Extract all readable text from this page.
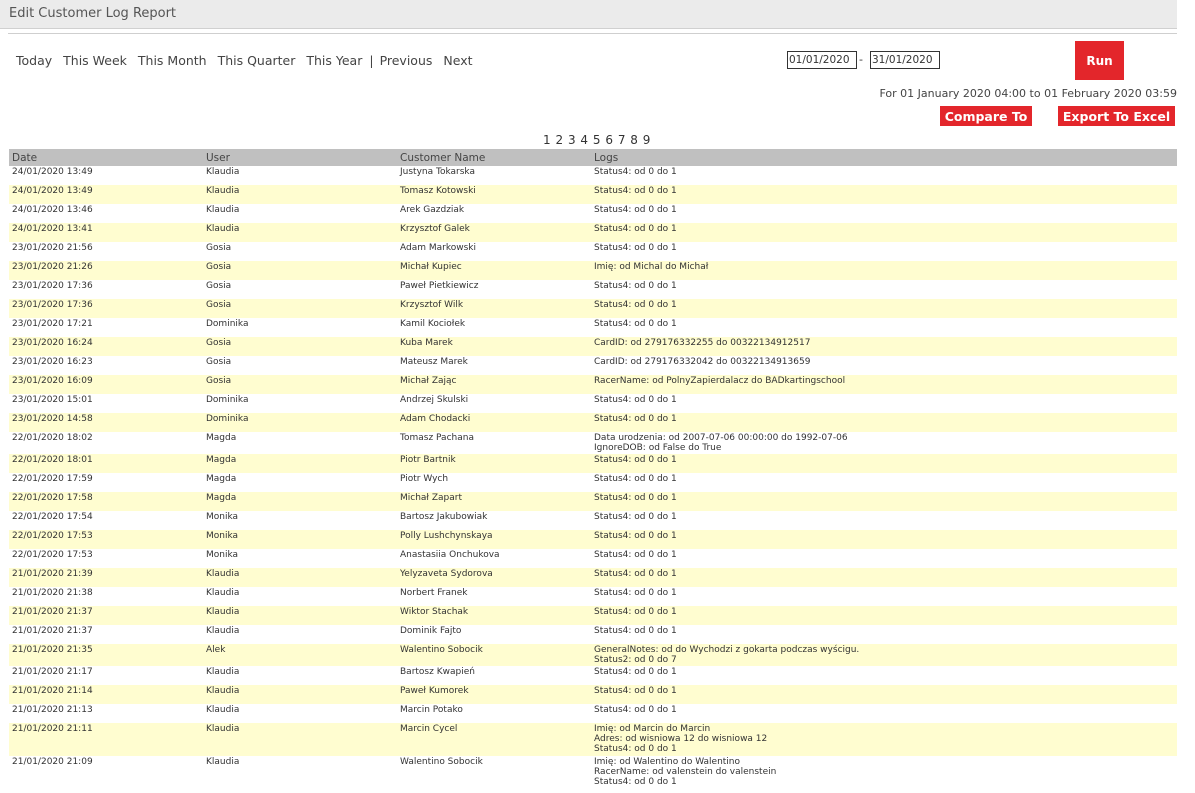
Edit Customer Log Report
Today This Week This Month This Quarter This Year | Previous Next
01/01/2020	-
31/01/2020	Run
For 01 January 2020 04:00 to 01 February 2020 03:59
Compare To	Export To Excel
1 2 3 4 5 6 7 8 9
Date	User	Customer Name	Logs
24/01/2020 13:49	Klaudia	Justyna Tokarska	Status4: od 0 do 1
24/01/2020 13:49	Klaudia	Tomasz Kotowski	Status4: od 0 do 1
24/01/2020 13:46	Klaudia	Arek Gazdziak	Status4: od 0 do 1
24/01/2020 13:41	Klaudia	Krzysztof Galek	Status4: od 0 do 1
23/01/2020 21:56	Gosia	Adam Markowski	Status4: od 0 do 1
23/01/2020 21:26	Gosia	Michał Kupiec	Imię: od Michal do Michał
23/01/2020 17:36	Gosia	Paweł Pietkiewicz	Status4: od 0 do 1
23/01/2020 17:36	Gosia	Krzysztof Wilk	Status4: od 0 do 1
23/01/2020 17:21	Dominika	Kamil Kociołek	Status4: od 0 do 1
23/01/2020 16:24	Gosia	Kuba Marek	CardID: od 279176332255 do 00322134912517
23/01/2020 16:23	Gosia	Mateusz Marek	CardID: od 279176332042 do 00322134913659
23/01/2020 16:09	Gosia	Michał Zając	RacerName: od PolnyZapierdalacz do BADkartingschool
23/01/2020 15:01	Dominika	Andrzej Skulski	Status4: od 0 do 1
23/01/2020 14:58	Dominika	Adam Chodacki	Status4: od 0 do 1
22/01/2020 18:02	Magda	Tomasz Pachana	Data urodzenia: od 2007-07-06 00:00:00 do 1992-07-06
IgnoreDOB: od False do True
22/01/2020 18:01	Magda	Piotr Bartnik	Status4: od 0 do 1
22/01/2020 17:59	Magda	Piotr Wych	Status4: od 0 do 1
22/01/2020 17:58	Magda	Michał Zapart	Status4: od 0 do 1
22/01/2020 17:54	Monika	Bartosz Jakubowiak	Status4: od 0 do 1
22/01/2020 17:53	Monika	Polly Lushchynskaya	Status4: od 0 do 1
22/01/2020 17:53	Monika	Anastasiia Onchukova	Status4: od 0 do 1
21/01/2020 21:39	Klaudia	Yelyzaveta Sydorova	Status4: od 0 do 1
21/01/2020 21:38	Klaudia	Norbert Franek	Status4: od 0 do 1
21/01/2020 21:37	Klaudia	Wiktor Stachak	Status4: od 0 do 1
21/01/2020 21:37	Klaudia	Dominik Fajto	Status4: od 0 do 1
21/01/2020 21:35	Alek	Walentino Sobocik	GeneralNotes: od do Wychodzi z gokarta podczas wyścigu.
Status2: od 0 do 7
21/01/2020 21:17	Klaudia	Bartosz Kwapień	Status4: od 0 do 1
21/01/2020 21:14	Klaudia	Paweł Kumorek	Status4: od 0 do 1
21/01/2020 21:13	Klaudia	Marcin Potako	Status4: od 0 do 1
21/01/2020 21:11	Klaudia	Marcin Cycel	Imię: od Marcin do Marcin
Adres: od wisniowa 12 do wisniowa 12
Status4: od 0 do 1
21/01/2020 21:09	Klaudia	Walentino Sobocik	Imię: od Walentino do Walentino
RacerName: od valenstein do valenstein
Status4: od 0 do 1
